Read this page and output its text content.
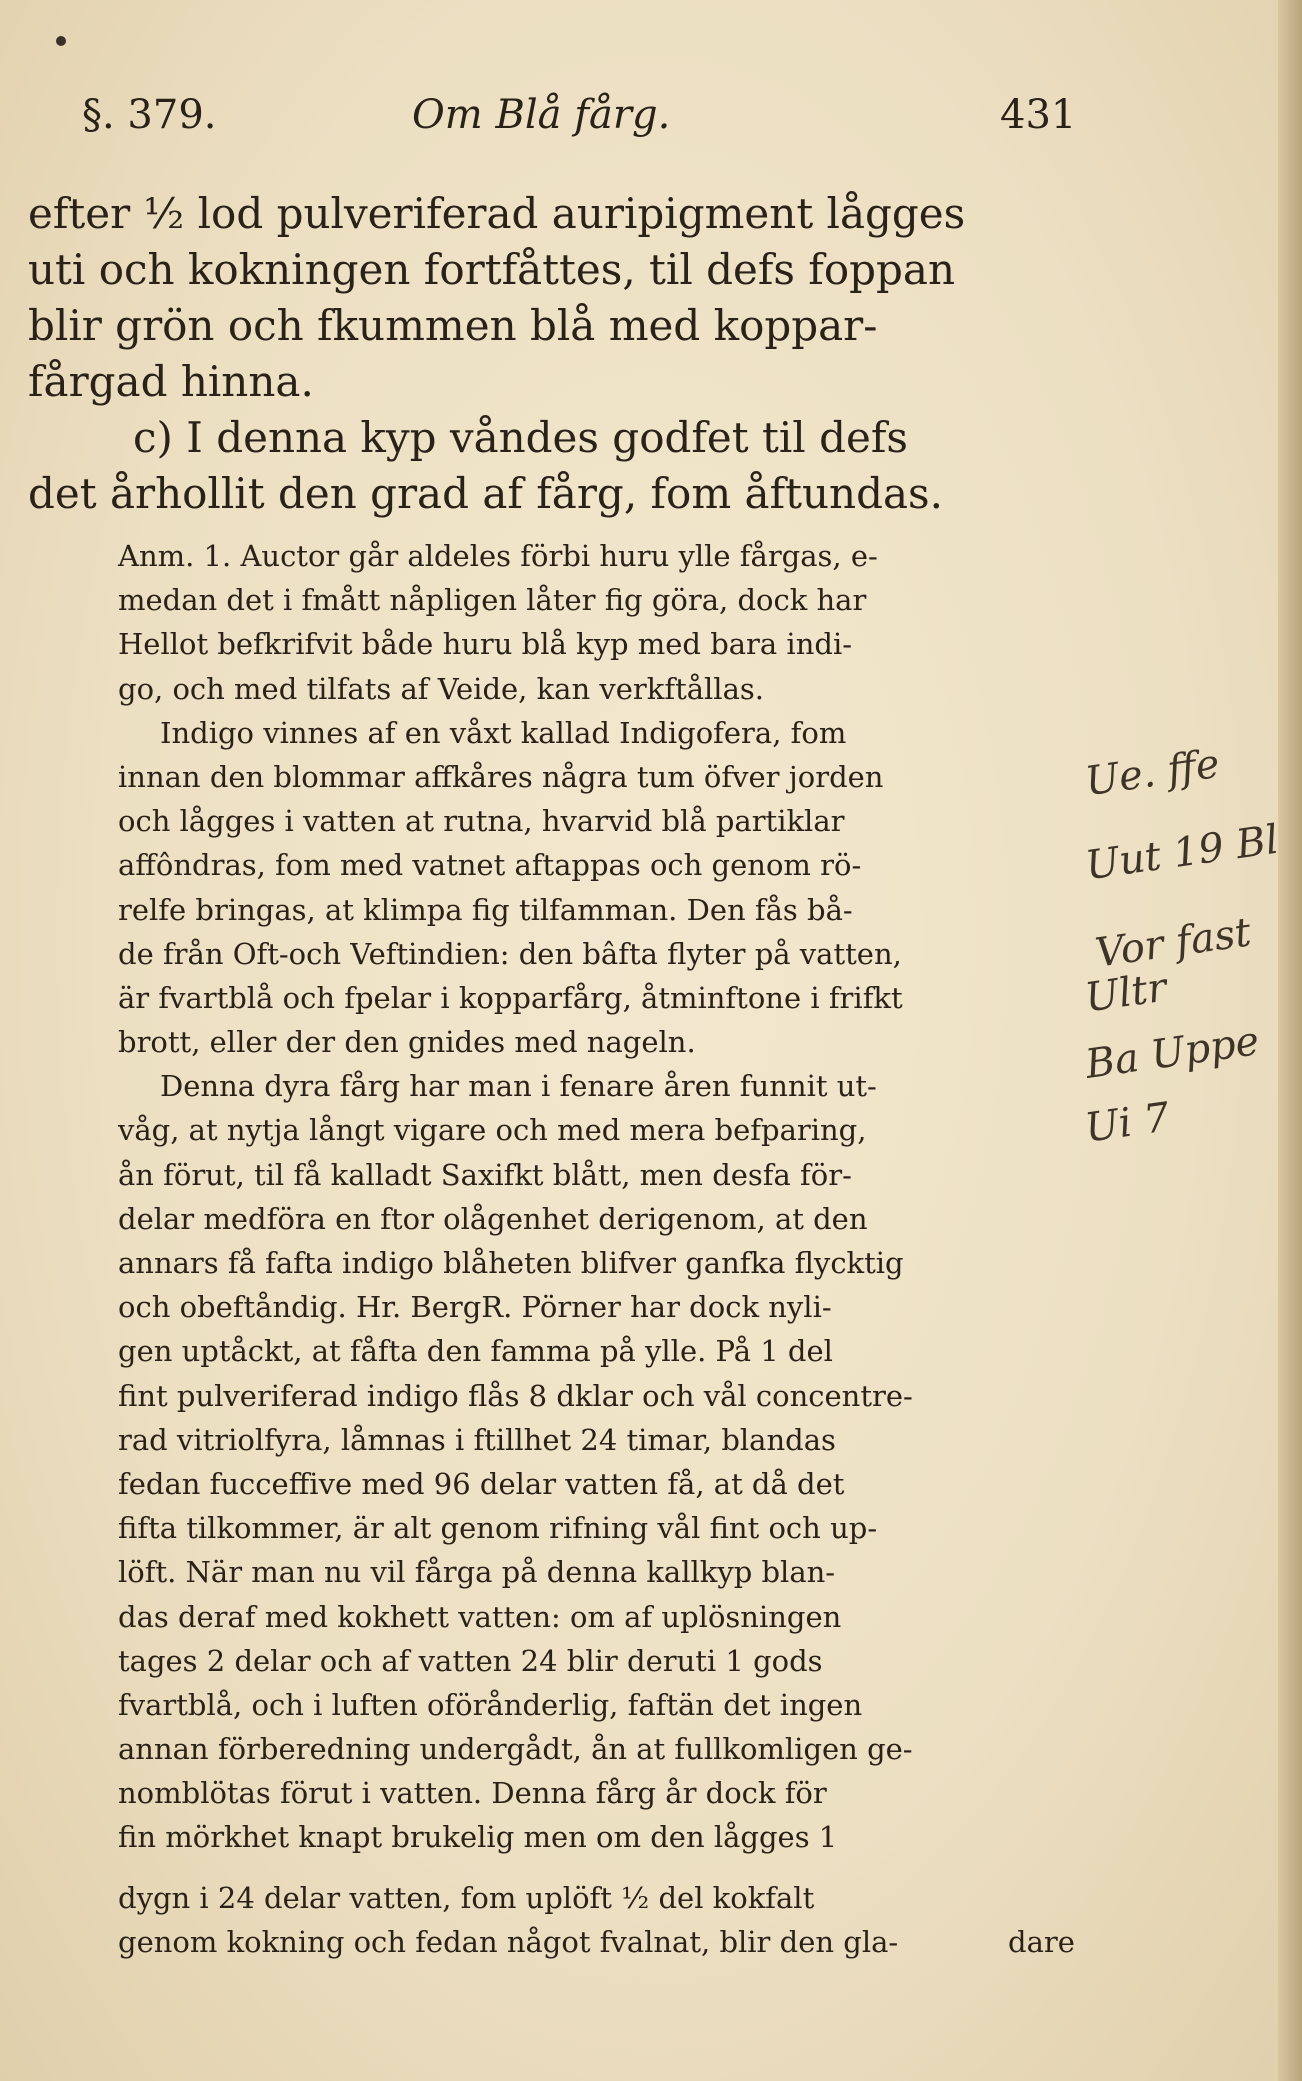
§. 379.	Om Blå fårg.	431
efter ½ lod pulveriferad auripigment lågges
uti och kokningen fortfåttes, til defs foppan
blir grön och fkummen blå med koppar-
fårgad hinna.
c) I denna kyp våndes godfet til defs
det århollit den grad af fårg, fom åftundas.
Anm. 1. Auctor går aldeles förbi huru ylle fårgas, e-
medan det i fmått nåpligen låter fig göra, dock har
Hellot befkrifvit både huru blå kyp med bara indi-
go, och med tilfats af Veide, kan verkftållas.
Indigo vinnes af en våxt kallad Indigofera, fom
innan den blommar affkåres några tum öfver jorden
och lågges i vatten at rutna, hvarvid blå partiklar
affôndras, fom med vatnet aftappas och genom rö-
relfe bringas, at klimpa fig tilfamman. Den fås bå-
de från Oft-och Veftindien: den bâfta flyter på vatten,
är fvartblå och fpelar i kopparfårg, åtminftone i frifkt
brott, eller der den gnides med nageln.
Denna dyra fårg har man i fenare åren funnit ut-
våg, at nytja långt vigare och med mera befparing,
ån förut, til få kalladt Saxifkt blått, men desfa för-
delar medföra en ftor olågenhet derigenom, at den
annars få fafta indigo blåheten blifver ganfka flycktig
och obeftåndig. Hr. BergR. Pörner har dock nyli-
gen uptåckt, at fåfta den famma på ylle. På 1 del
fint pulveriferad indigo flås 8 dklar och vål concentre-
rad vitriolfyra, låmnas i ftillhet 24 timar, blandas
fedan fucceffive med 96 delar vatten få, at då det
fifta tilkommer, är alt genom rifning vål fint och up-
löft. När man nu vil fårga på denna kallkyp blan-
das deraf med kokhett vatten: om af uplösningen
tages 2 delar och af vatten 24 blir deruti 1 gods
fvartblå, och i luften oförånderlig, faftän det ingen
annan förberedning undergådt, ån at fullkomligen ge-
nomblötas förut i vatten. Denna fårg år dock för
fin mörkhet knapt brukelig men om den lågges 1
dygn i 24 delar vatten, fom uplöft ½ del kokfalt
genom kokning och fedan något fvalnat, blir den gla-	dare
Ue. ffe
Uut 19 Bl
Vor fast
Ultr
Ba Uppe
Ui 7
